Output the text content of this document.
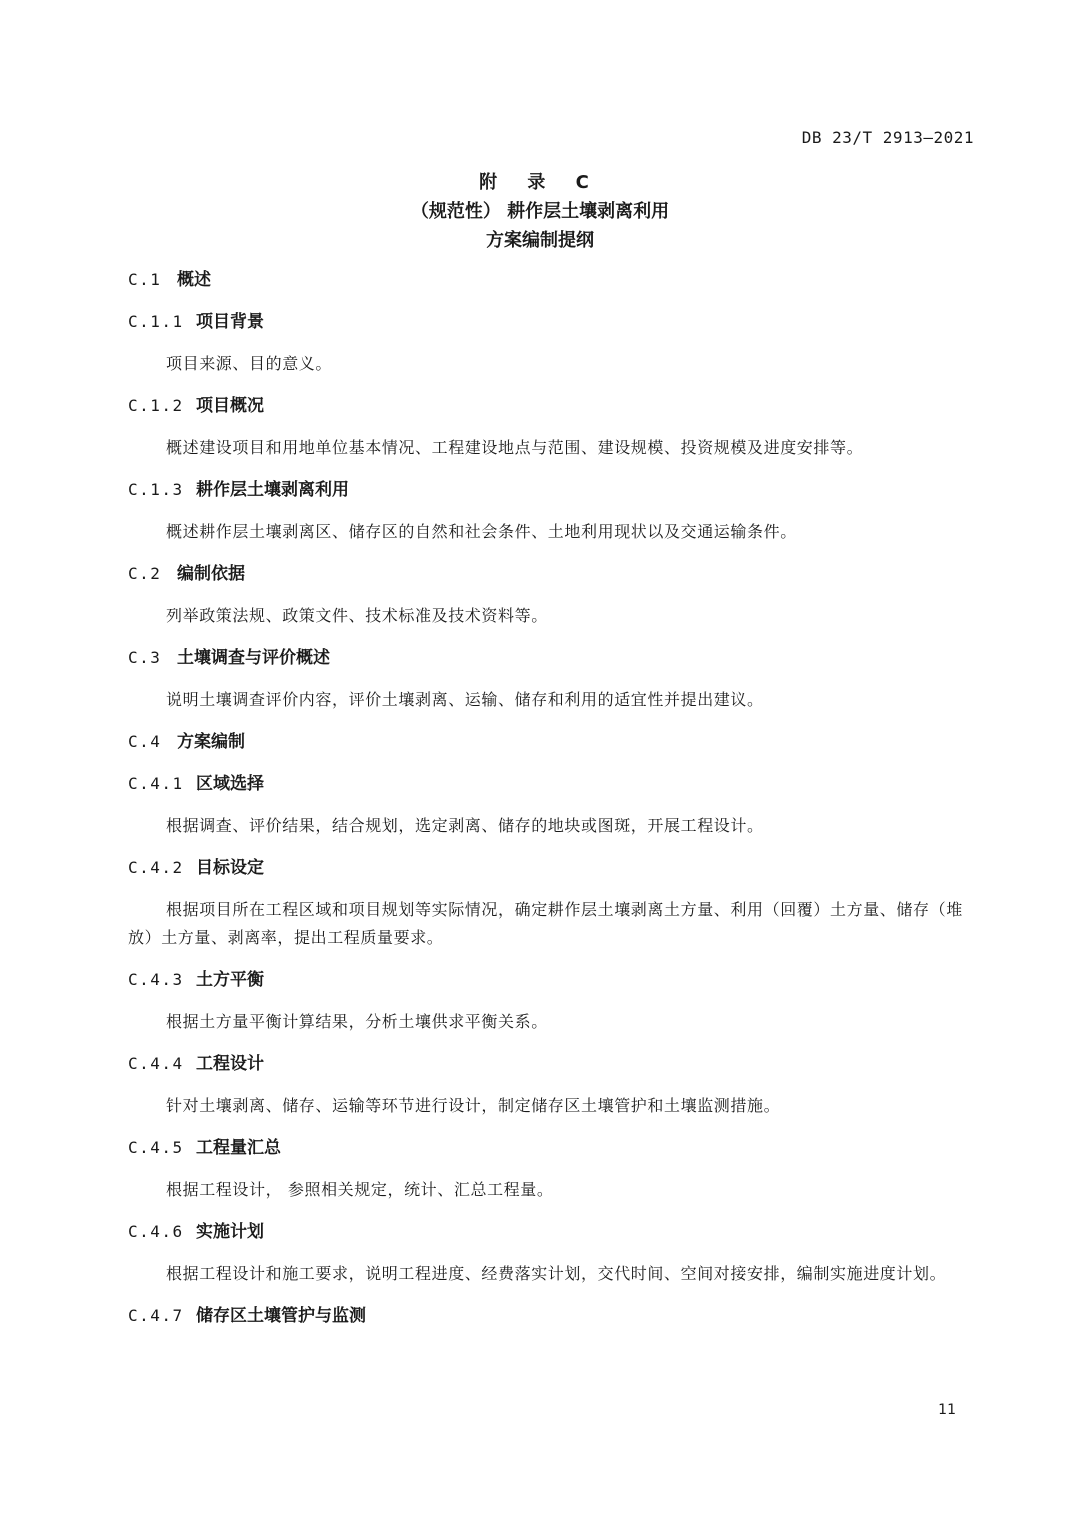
DB 23/T 2913—2021
附 录 C
（规范性） 耕作层土壤剥离利用
方案编制提纲
C.1 概述
C.1.1 项目背景

项目来源、目的意义。

C.1.2 项目概况

概述建设项目和用地单位基本情况、工程建设地点与范围、建设规模、投资规模及进度安排等。

C.1.3 耕作层土壤剥离利用

概述耕作层土壤剥离区、储存区的自然和社会条件、土地利用现状以及交通运输条件。

C.2 编制依据

列举政策法规、政策文件、技术标准及技术资料等。

C.3 土壤调查与评价概述

说明土壤调查评价内容，评价土壤剥离、运输、储存和利用的适宜性并提出建议。

C.4 方案编制
C.4.1 区域选择

根据调查、评价结果，结合规划，选定剥离、储存的地块或图斑，开展工程设计。

C.4.2 目标设定

根据项目所在工程区域和项目规划等实际情况，确定耕作层土壤剥离土方量、利用（回覆）土方量、储存（堆放）土方量、剥离率，提出工程质量要求。

C.4.3 土方平衡

根据土方量平衡计算结果，分析土壤供求平衡关系。

C.4.4 工程设计

针对土壤剥离、储存、运输等环节进行设计，制定储存区土壤管护和土壤监测措施。

C.4.5 工程量汇总

根据工程设计， 参照相关规定，统计、汇总工程量。

C.4.6 实施计划

根据工程设计和施工要求，说明工程进度、经费落实计划，交代时间、空间对接安排，编制实施进度计划。

C.4.7 储存区土壤管护与监测
11
